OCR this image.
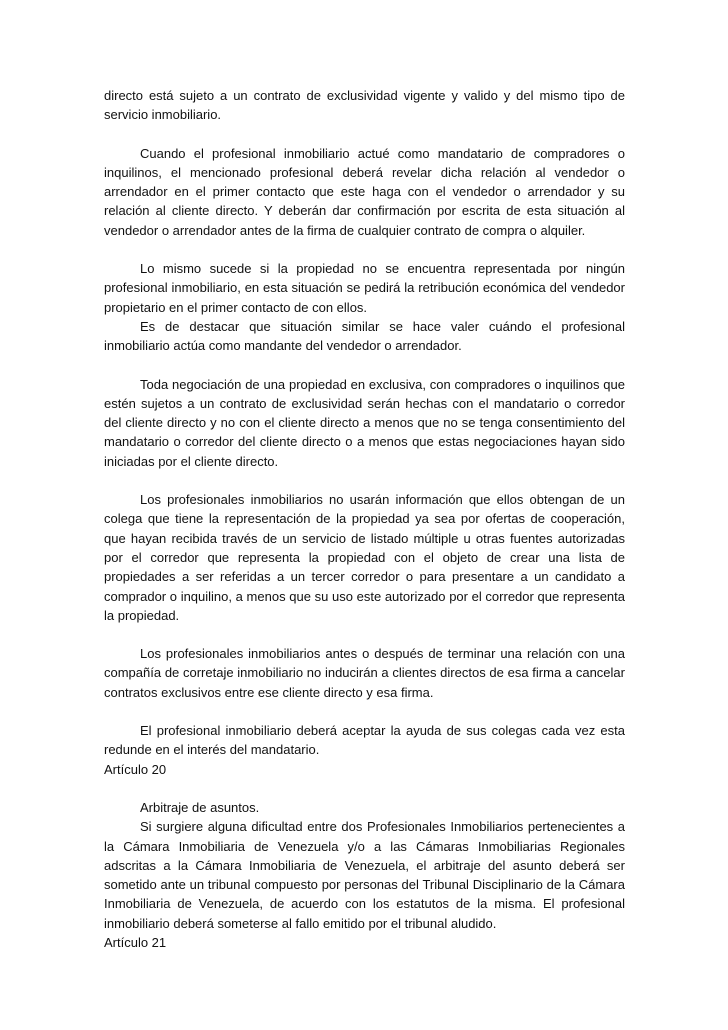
directo está sujeto a un contrato de exclusividad vigente y valido y del mismo tipo de servicio inmobiliario.

Cuando el profesional inmobiliario actué como mandatario de compradores o inquilinos, el mencionado profesional deberá revelar dicha relación al vendedor o arrendador en el primer contacto que este haga con el vendedor o arrendador y su relación al cliente directo. Y deberán dar confirmación por escrita de esta situación al vendedor o arrendador antes de la firma de cualquier contrato de compra o alquiler.

Lo mismo sucede si la propiedad no se encuentra representada por ningún profesional inmobiliario, en esta situación se pedirá la retribución económica del vendedor propietario en el primer contacto de con ellos.

Es de destacar que situación similar se hace valer cuándo el profesional inmobiliario actúa como mandante del vendedor o arrendador.

Toda negociación de una propiedad en exclusiva, con compradores o inquilinos que estén sujetos a un contrato de exclusividad serán hechas con el mandatario o corredor del cliente directo y no con el cliente directo a menos que no se tenga consentimiento del mandatario o corredor del cliente directo o a menos que estas negociaciones hayan sido iniciadas por el cliente directo.

Los profesionales inmobiliarios no usarán información que ellos obtengan de un colega que tiene la representación de la propiedad ya sea por ofertas de cooperación, que hayan recibida través de un servicio de listado múltiple u otras fuentes autorizadas por el corredor que representa la propiedad con el objeto de crear una lista de propiedades a ser referidas a un tercer corredor o para presentare a un candidato a comprador o inquilino, a menos que su uso este autorizado por el corredor que representa la propiedad.

Los profesionales inmobiliarios antes o después de terminar una relación con una compañía de corretaje inmobiliario no inducirán a clientes directos de esa firma a cancelar contratos exclusivos entre ese cliente directo y esa firma.

El profesional inmobiliario deberá aceptar la ayuda de sus colegas cada vez esta redunde en el interés del mandatario.

Artículo 20

Arbitraje de asuntos.

Si surgiere alguna dificultad entre dos Profesionales Inmobiliarios pertenecientes a la Cámara Inmobiliaria de Venezuela y/o a las Cámaras Inmobiliarias Regionales adscritas a la Cámara Inmobiliaria de Venezuela, el arbitraje del asunto deberá ser sometido ante un tribunal compuesto por personas del Tribunal Disciplinario de la Cámara Inmobiliaria de Venezuela, de acuerdo con los estatutos de la misma. El profesional inmobiliario deberá someterse al fallo emitido por el tribunal aludido.

Artículo 21
